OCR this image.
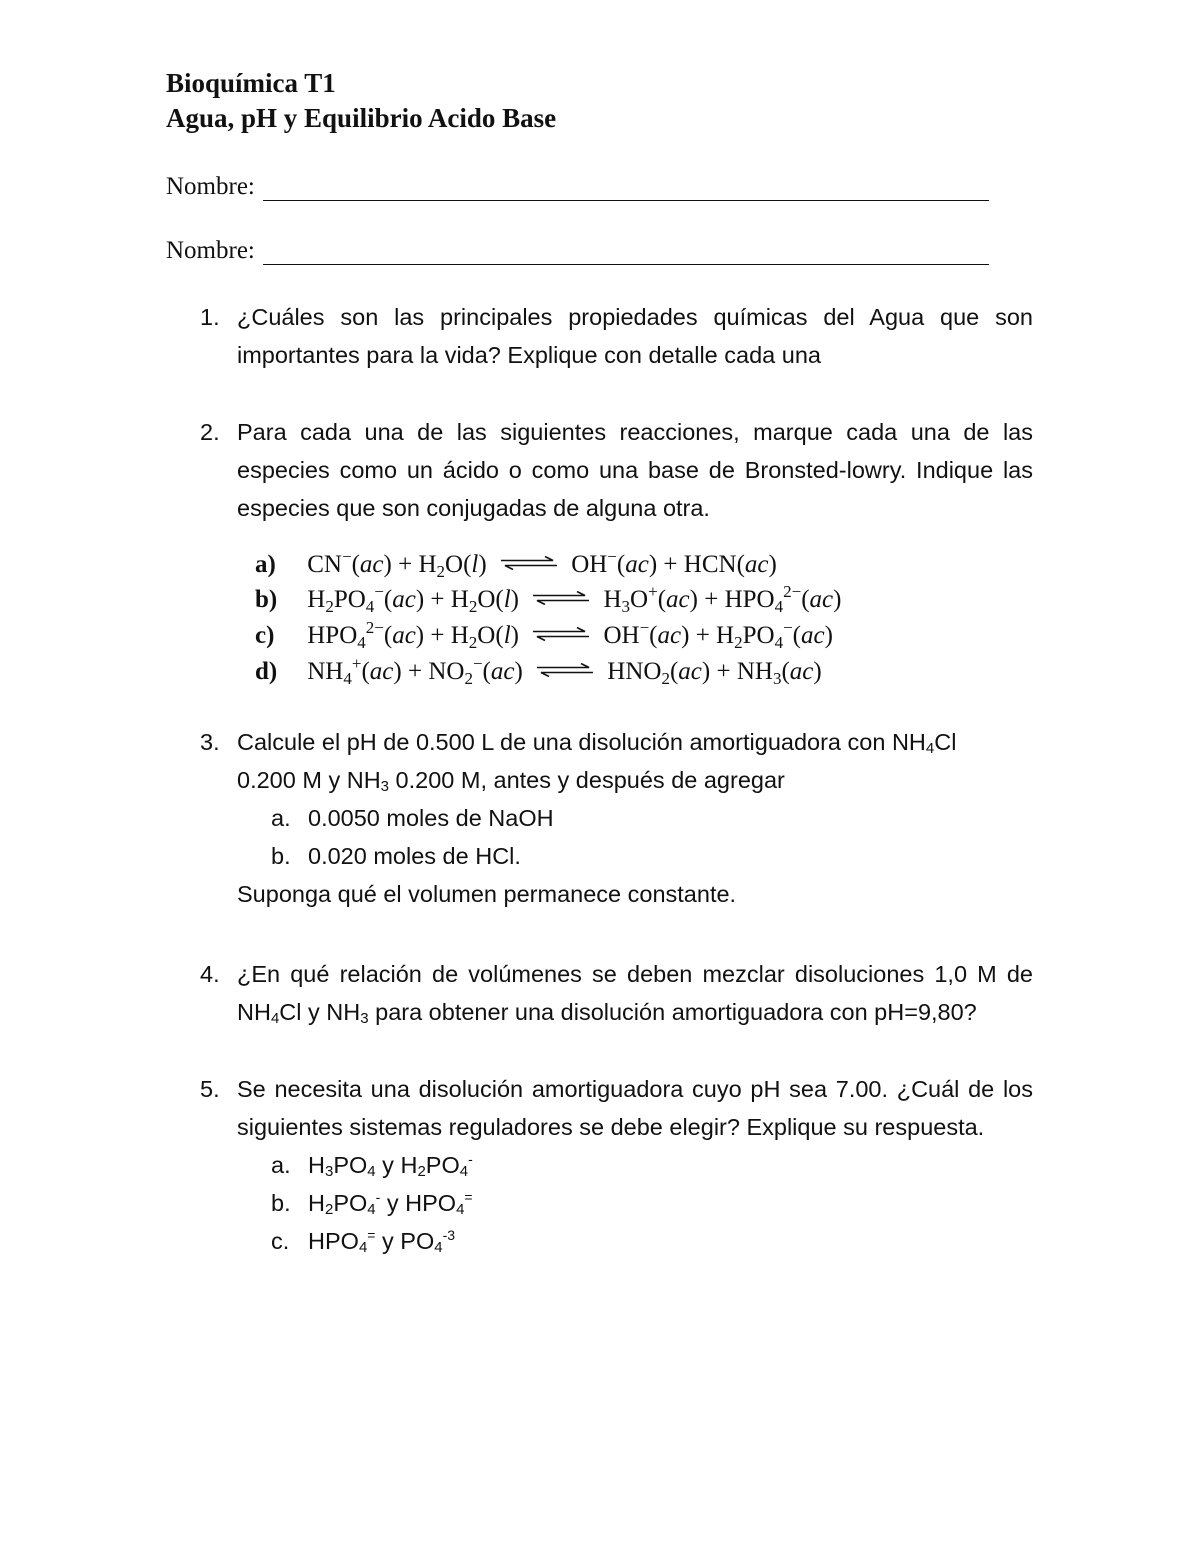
Bioquímica T1
Agua, pH y Equilibrio Acido Base
Nombre:
Nombre:
1. ¿Cuáles son las principales propiedades químicas del Agua que son
importantes para la vida? Explique con detalle cada una
2. Para cada una de las siguientes reacciones, marque cada una de las
especies como un ácido o como una base de Bronsted-lowry. Indique las
especies que son conjugadas de alguna otra.
a) $CN^-(ac) + H_2O(l)$ ⇌ OH−(ac) + HCN(ac)
b) $H_2PO_4^-(ac) + H_2O(l)$ ⇌ $H_3O^+(ac) + HPO_4^{2-}(ac)$
c) $HPO_4^{2-}(ac) + H_2O(l)$ ⇌ $OH^-(ac) + H_2PO_4^-(ac)$
d) $NH_4^+(ac) + NO_2^-(ac)$ ⇌ $HNO_2(ac) + NH_3(ac)$
3. Calcule el pH de 0.500 L de una disolución amortiguadora con $NH_4Cl$
0.200 M y $NH_3$ 0.200 M, antes y después de agregar
a. 0.0050 moles de NaOH
b. 0.020 moles de HCl.
Suponga qué el volumen permanece constante.
4. ¿En qué relación de volúmenes se deben mezclar disoluciones 1,0 M de
$NH_4Cl$ y $NH_3$ para obtener una disolución amortiguadora con pH=9,80?
5. Se necesita una disolución amortiguadora cuyo pH sea 7.00. ¿Cuál de los
siguientes sistemas reguladores se debe elegir? Explique su respuesta.
a. $H_3PO_4$ y $H_2PO_4^-$
b. $H_2PO_4^-$ y $HPO_4^=$
c. $HPO_4^=$ y $PO_4^{-3}$
